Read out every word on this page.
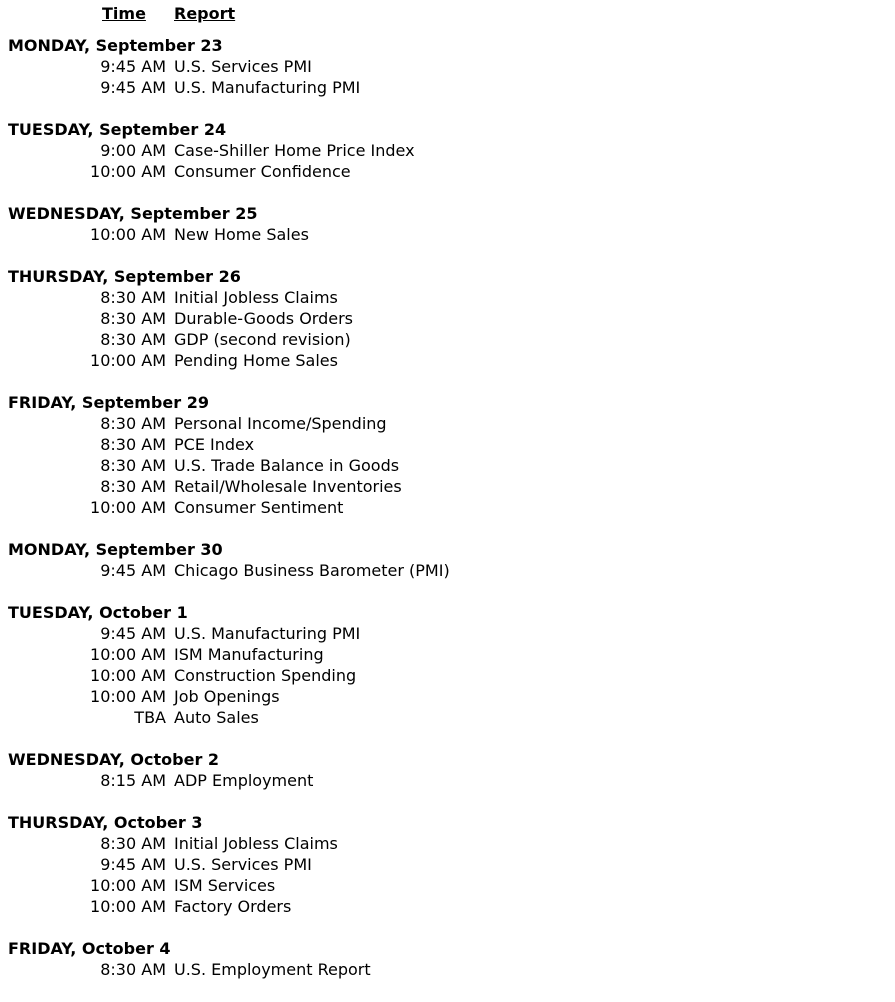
Time	Report
MONDAY, September 23
9:45 AM U.S. Services PMI
9:45 AM U.S. Manufacturing PMI
TUESDAY, September 24
9:00 AM Case-Shiller Home Price Index
10:00 AM Consumer Confidence
WEDNESDAY, September 25
10:00 AM New Home Sales
THURSDAY, September 26
8:30 AM Initial Jobless Claims
8:30 AM Durable-Goods Orders
8:30 AM GDP (second revision)
10:00 AM Pending Home Sales
FRIDAY, September 29
8:30 AM Personal Income/Spending
8:30 AM PCE Index
8:30 AM U.S. Trade Balance in Goods
8:30 AM Retail/Wholesale Inventories
10:00 AM Consumer Sentiment
MONDAY, September 30
9:45 AM Chicago Business Barometer (PMI)
TUESDAY, October 1
9:45 AM U.S. Manufacturing PMI
10:00 AM ISM Manufacturing
10:00 AM Construction Spending
10:00 AM Job Openings
TBA Auto Sales
WEDNESDAY, October 2
8:15 AM ADP Employment
THURSDAY, October 3
8:30 AM Initial Jobless Claims
9:45 AM U.S. Services PMI
10:00 AM ISM Services
10:00 AM Factory Orders
FRIDAY, October 4
8:30 AM U.S. Employment Report
